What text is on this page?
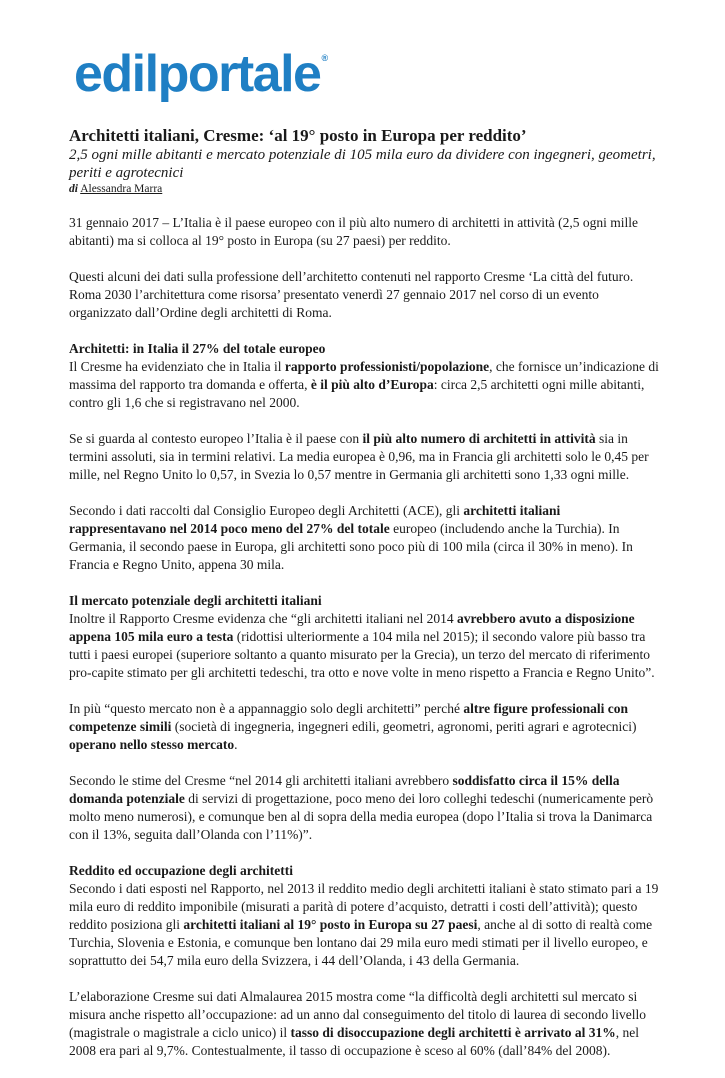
edilportale®
Architetti italiani, Cresme: ‘al 19° posto in Europa per reddito’
2,5 ogni mille abitanti e mercato potenziale di 105 mila euro da dividere con ingegneri, geometri, periti e agrotecnici
di Alessandra Marra
31 gennaio 2017 – L’Italia è il paese europeo con il più alto numero di architetti in attività (2,5 ogni mille abitanti) ma si colloca al 19° posto in Europa (su 27 paesi) per reddito.
Questi alcuni dei dati sulla professione dell’architetto contenuti nel rapporto Cresme ‘La città del futuro. Roma 2030 l’architettura come risorsa’ presentato venerdì 27 gennaio 2017 nel corso di un evento organizzato dall’Ordine degli architetti di Roma.
Architetti: in Italia il 27% del totale europeo
Il Cresme ha evidenziato che in Italia il rapporto professionisti/popolazione, che fornisce un’indicazione di massima del rapporto tra domanda e offerta, è il più alto d’Europa: circa 2,5 architetti ogni mille abitanti, contro gli 1,6 che si registravano nel 2000.
Se si guarda al contesto europeo l’Italia è il paese con il più alto numero di architetti in attività sia in termini assoluti, sia in termini relativi. La media europea è 0,96, ma in Francia gli architetti solo le 0,45 per mille, nel Regno Unito lo 0,57, in Svezia lo 0,57 mentre in Germania gli architetti sono 1,33 ogni mille.
Secondo i dati raccolti dal Consiglio Europeo degli Architetti (ACE), gli architetti italiani rappresentavano nel 2014 poco meno del 27% del totale europeo (includendo anche la Turchia). In Germania, il secondo paese in Europa, gli architetti sono poco più di 100 mila (circa il 30% in meno). In Francia e Regno Unito, appena 30 mila.
Il mercato potenziale degli architetti italiani
Inoltre il Rapporto Cresme evidenza che “gli architetti italiani nel 2014 avrebbero avuto a disposizione appena 105 mila euro a testa (ridottisi ulteriormente a 104 mila nel 2015); il secondo valore più basso tra tutti i paesi europei (superiore soltanto a quanto misurato per la Grecia), un terzo del mercato di riferimento pro-capite stimato per gli architetti tedeschi, tra otto e nove volte in meno rispetto a Francia e Regno Unito”.
In più “questo mercato non è a appannaggio solo degli architetti” perché altre figure professionali con competenze simili (società di ingegneria, ingegneri edili, geometri, agronomi, periti agrari e agrotecnici) operano nello stesso mercato.
Secondo le stime del Cresme “nel 2014 gli architetti italiani avrebbero soddisfatto circa il 15% della domanda potenziale di servizi di progettazione, poco meno dei loro colleghi tedeschi (numericamente però molto meno numerosi), e comunque ben al di sopra della media europea (dopo l’Italia si trova la Danimarca con il 13%, seguita dall’Olanda con l’11%)”.
Reddito ed occupazione degli architetti
Secondo i dati esposti nel Rapporto, nel 2013 il reddito medio degli architetti italiani è stato stimato pari a 19 mila euro di reddito imponibile (misurati a parità di potere d’acquisto, detratti i costi dell’attività); questo reddito posiziona gli architetti italiani al 19° posto in Europa su 27 paesi, anche al di sotto di realtà come Turchia, Slovenia e Estonia, e comunque ben lontano dai 29 mila euro medi stimati per il livello europeo, e soprattutto dei 54,7 mila euro della Svizzera, i 44 dell’Olanda, i 43 della Germania.
L’elaborazione Cresme sui dati Almalaurea 2015 mostra come “la difficoltà degli architetti sul mercato si misura anche rispetto all’occupazione: ad un anno dal conseguimento del titolo di laurea di secondo livello (magistrale o magistrale a ciclo unico) il tasso di disoccupazione degli architetti è arrivato al 31%, nel 2008 era pari al 9,7%. Contestualmente, il tasso di occupazione è sceso al 60% (dall’84% del 2008).
